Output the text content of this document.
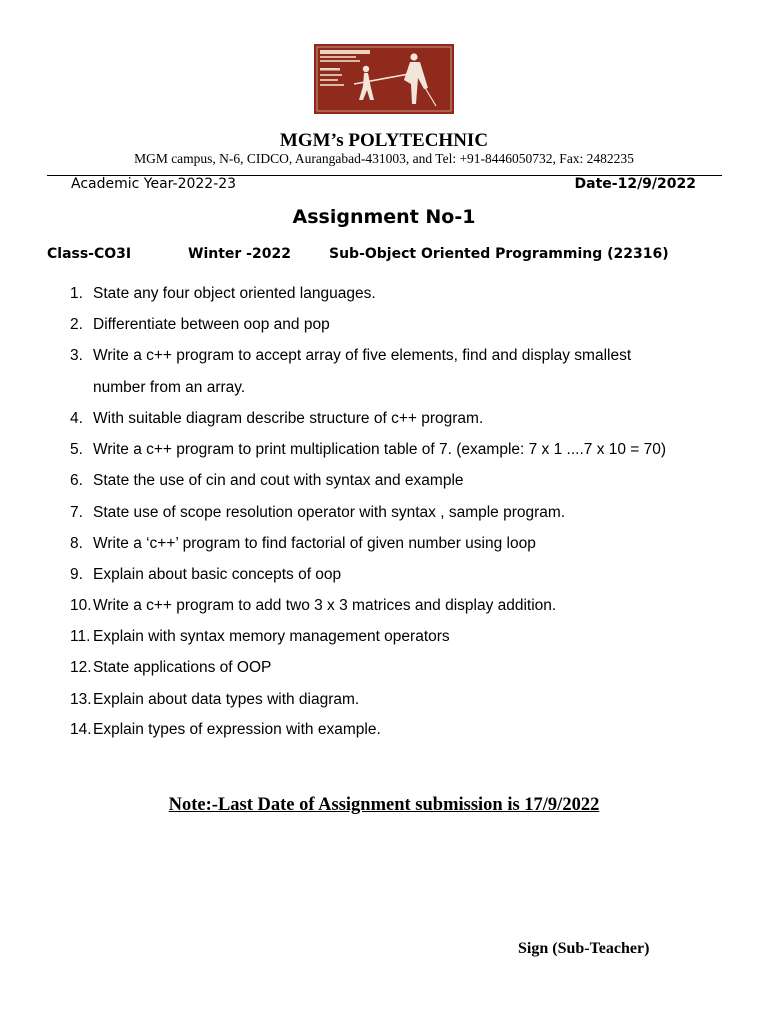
MGM’s POLYTECHNIC
MGM campus, N-6, CIDCO, Aurangabad-431003, and Tel: +91-8446050732, Fax: 2482235
Academic Year-2022-23	Date-12/9/2022
Assignment No-1
Class-CO3I	Winter -2022	Sub-Object Oriented Programming (22316)
1. State any four object oriented languages.
2. Differentiate between oop and pop
3. Write a c++ program to accept array of five elements, find and display smallest
number from an array.
4. With suitable diagram describe structure of c++ program.
5. Write a c++ program to print multiplication table of 7. (example: 7 x 1 ....7 x 10 = 70)
6. State the use of cin and cout with syntax and example
7. State use of scope resolution operator with syntax , sample program.
8. Write a ‘c++’ program to find factorial of given number using loop
9. Explain about basic concepts of oop
10. Write a c++ program to add two 3 x 3 matrices and display addition.
11. Explain with syntax memory management operators
12. State applications of OOP
13. Explain about data types with diagram.
14. Explain types of expression with example.
Note:-Last Date of Assignment submission is 17/9/2022
Sign (Sub-Teacher)
